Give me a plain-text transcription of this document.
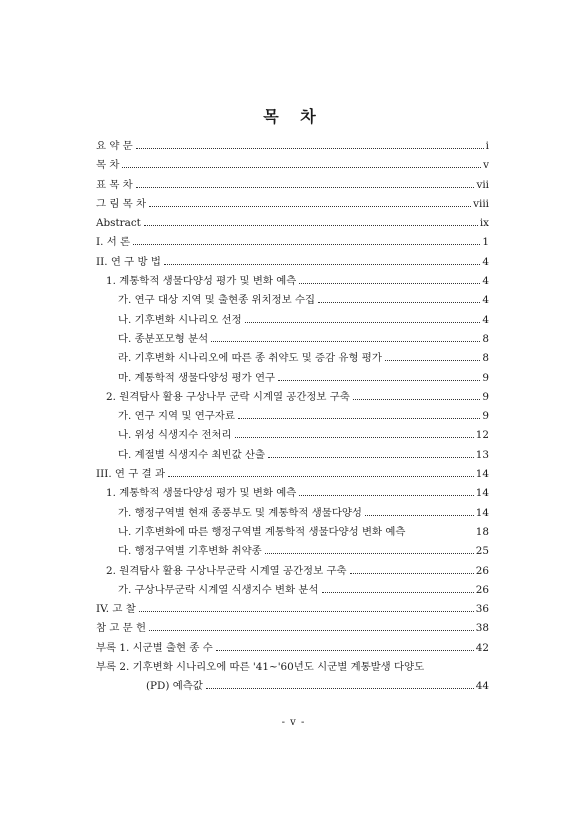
목 차
요 약 문	i
목 차	v
표 목 차	vii
그 림 목 차	viii
Abstract	ix
I. 서 론	1
II. 연 구 방 법	4
1. 계통학적 생물다양성 평가 및 변화 예측	4
가. 연구 대상 지역 및 출현종 위치정보 수집	4
나. 기후변화 시나리오 선정	4
다. 종분포모형 분석	8
라. 기후변화 시나리오에 따른 종 취약도 및 증감 유형 평가	8
마. 계통학적 생물다양성 평가 연구	9
2. 원격탐사 활용 구상나무 군락 시계열 공간정보 구축	9
가. 연구 지역 및 연구자료	9
나. 위성 식생지수 전처리	12
다. 계절별 식생지수 최빈값 산출	13
III. 연 구 결 과	14
1. 계통학적 생물다양성 평가 및 변화 예측	14
가. 행정구역별 현재 종풍부도 및 계통학적 생물다양성	14
나. 기후변화에 따른 행정구역별 계통학적 생물다양성 변화 예측	18
다. 행정구역별 기후변화 취약종	25
2. 원격탐사 활용 구상나무군락 시계열 공간정보 구축	26
가. 구상나무군락 시계열 식생지수 변화 분석	26
IV. 고 찰	36
참 고 문 헌	38
부록 1. 시군별 출현 종 수	42
부록 2. 기후변화 시나리오에 따른 '41~'60년도 시군별 계통발생 다양도
(PD) 예측값	44
- v -
